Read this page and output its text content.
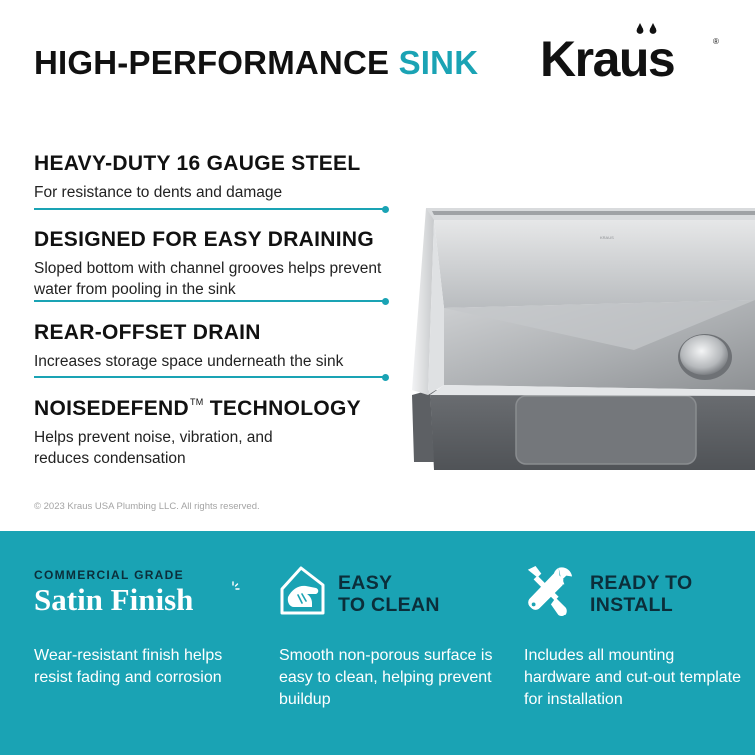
HIGH-PERFORMANCE SINK Kraus	®
HEAVY-DUTY 16 GAUGE STEEL
For resistance to dents and damage
DESIGNED FOR EASY DRAINING
Sloped bottom with channel grooves helps prevent water from pooling in the sink
REAR-OFFSET DRAIN
Increases storage space underneath the sink
NOISEDEFEND™ TECHNOLOGY
Helps prevent noise, vibration, and reduces condensation
KRAUS
© 2023 Kraus USA Plumbing LLC. All rights reserved.
COMMERCIAL GRADE
Satin Finish
Wear-resistant finish helps resist fading and corrosion
EASY
TO CLEAN
Smooth non-porous surface is easy to clean, helping prevent buildup
READY TO
INSTALL
Includes all mounting hardware and cut-out template for installation
